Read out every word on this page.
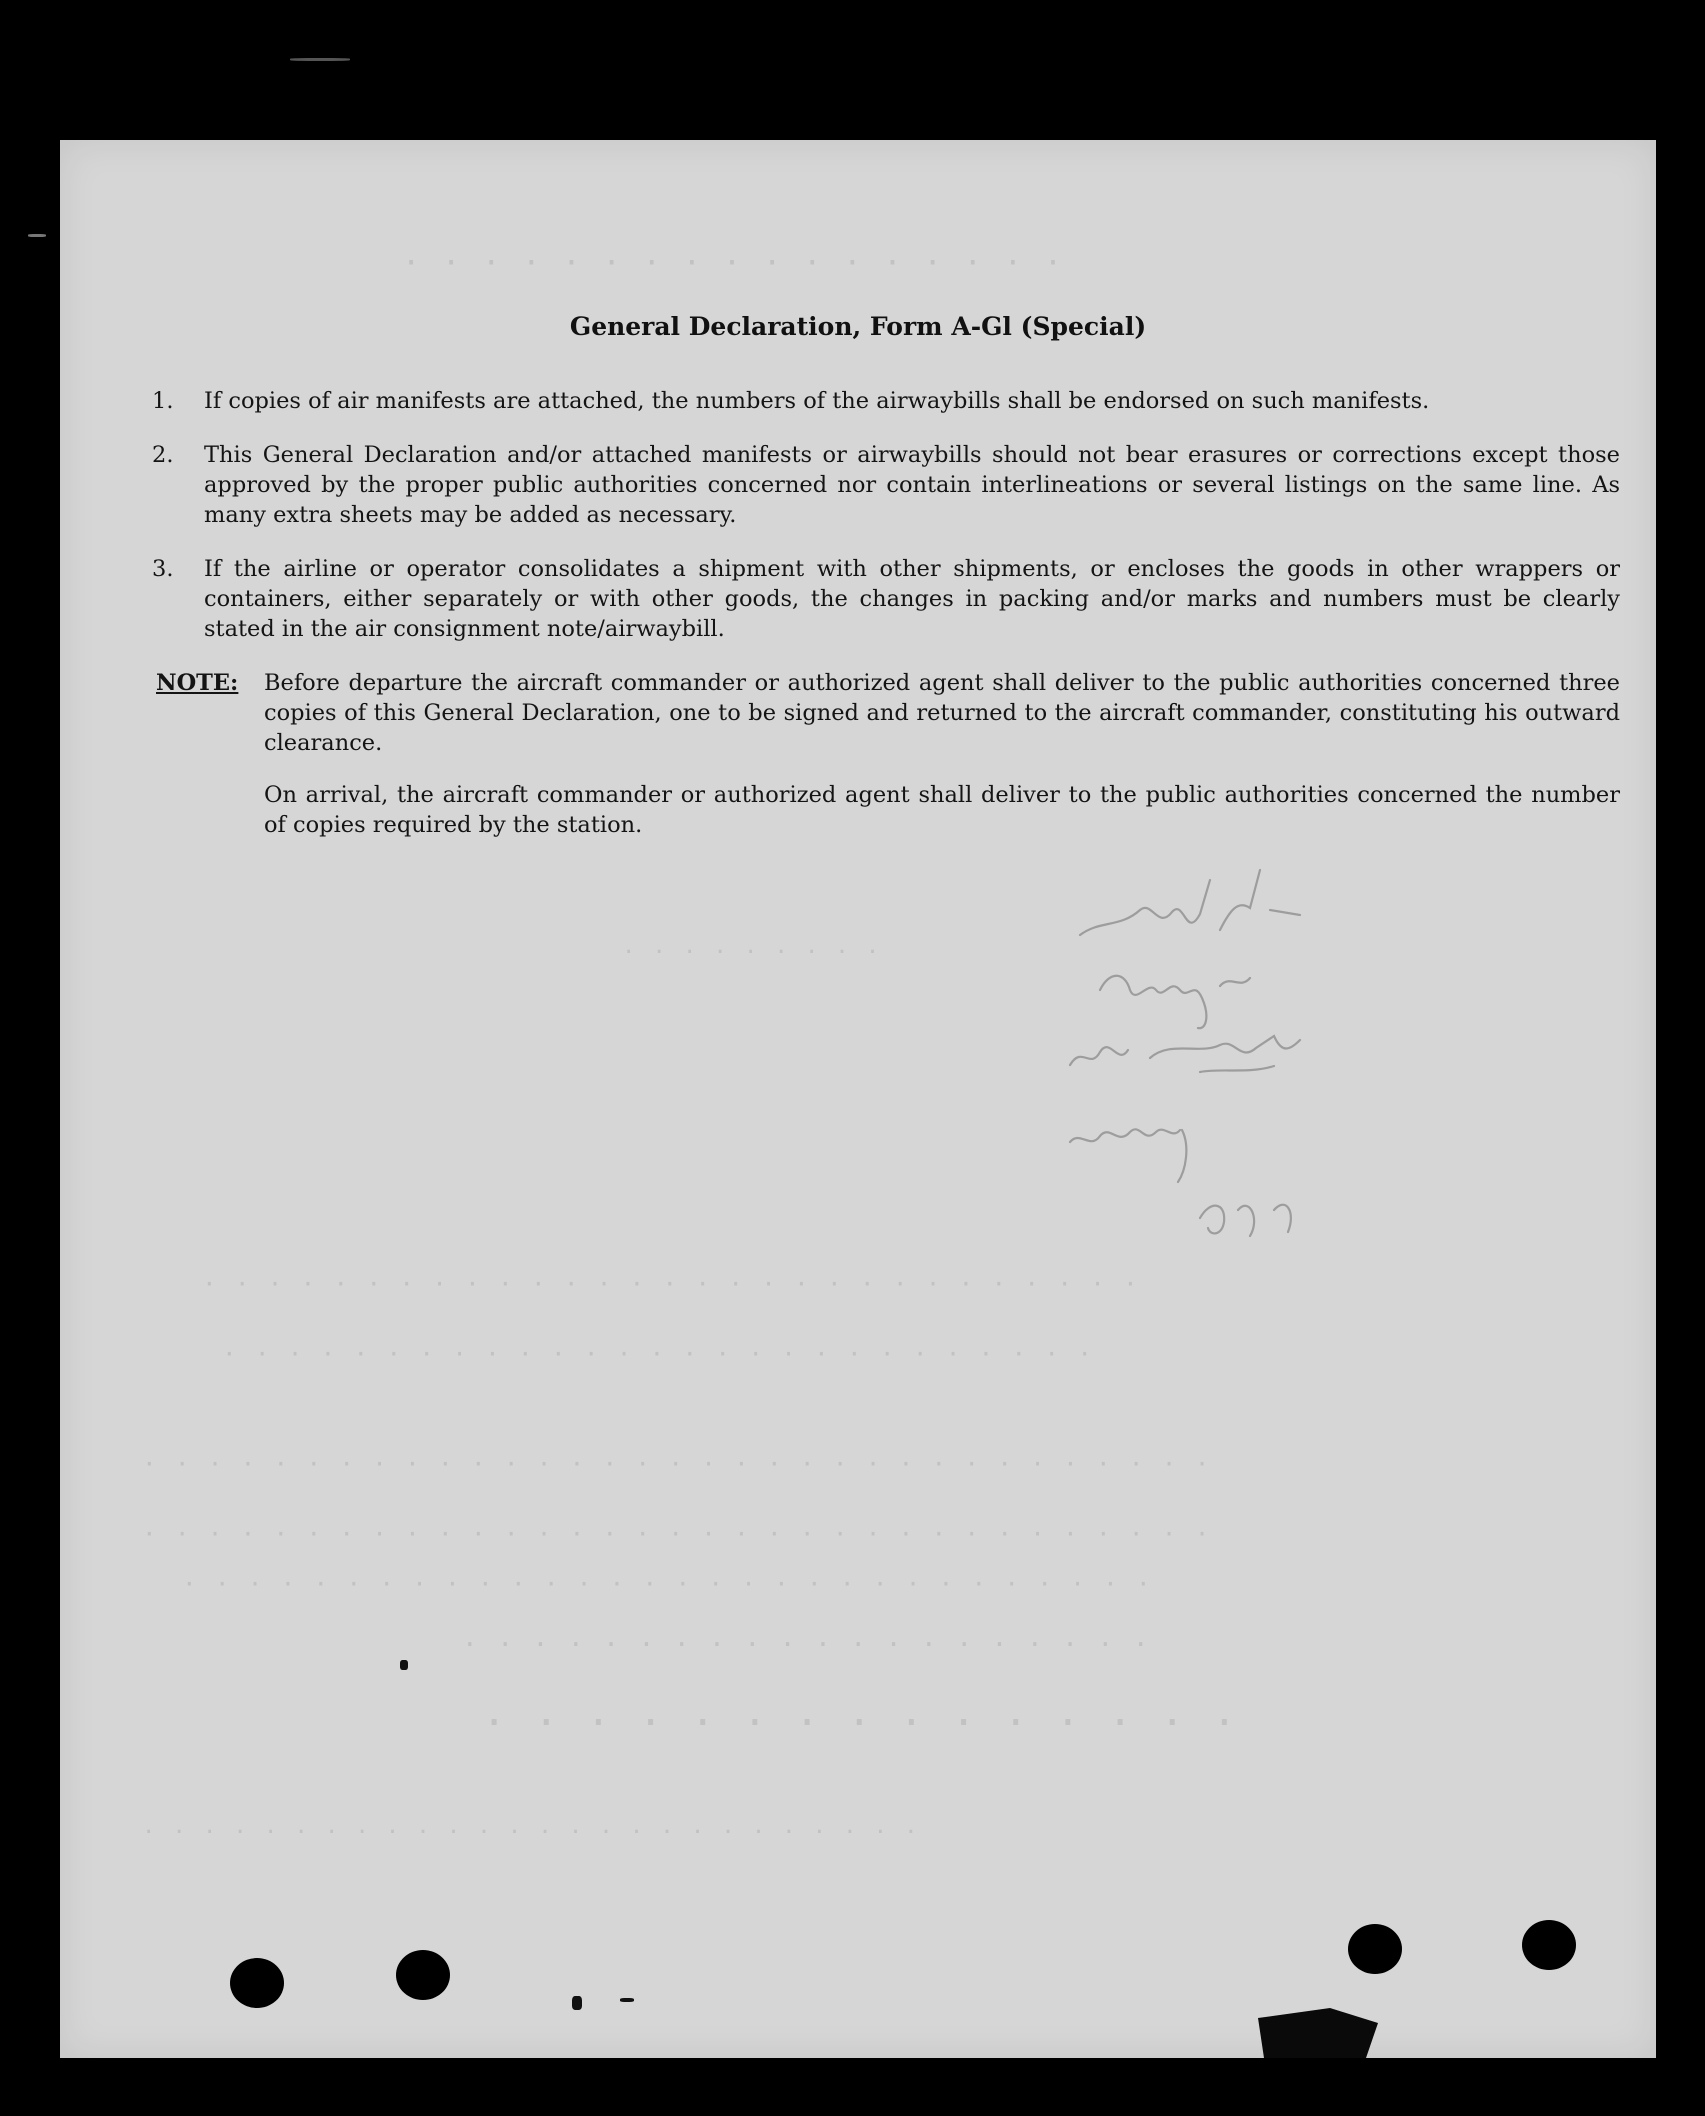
· · · · · · · · · · · · · · · · ·
· · · · · · · · ·
· · · · · · · · · · · · · · · · · · · · · · · · · · · · ·
· · · · · · · · · · · · · · · · · · · · · · · · · · ·
· · · · · · · · · · · · · · · · · · · · · · · · · · · · · · · · ·
· · · · · · · · · · · · · · · · · · · · · · · · · · · · · · · · ·
· · · · · · · · · · · · · · · · · · · · · · · · · · · · · ·
· · · · · · · · · · · · · · · · · · · ·
· · · · · · · · · · · · · · ·
· · · · · · · · · · · · · · · · · · · · · · · · · ·
General Declaration, Form A-Gl (Special)
1.	If copies of air manifests are attached, the numbers of the airwaybills shall be endorsed on such manifests.
2.	This General Declaration and/or attached manifests or airwaybills should not bear erasures or corrections except those approved by the proper public authorities concerned nor contain interlineations or several listings on the same line. As many extra sheets may be added as necessary.
3.	If the airline or operator consolidates a shipment with other shipments, or encloses the goods in other wrappers or containers, either separately or with other goods, the changes in packing and/or marks and numbers must be clearly stated in the air consignment note/airwaybill.
NOTE: Before departure the aircraft commander or authorized agent shall deliver to the public authorities concerned three copies of this General Declaration, one to be signed and returned to the aircraft commander, constituting his outward clearance.
On arrival, the aircraft commander or authorized agent shall deliver to the public authorities concerned the number of copies required by the station.
